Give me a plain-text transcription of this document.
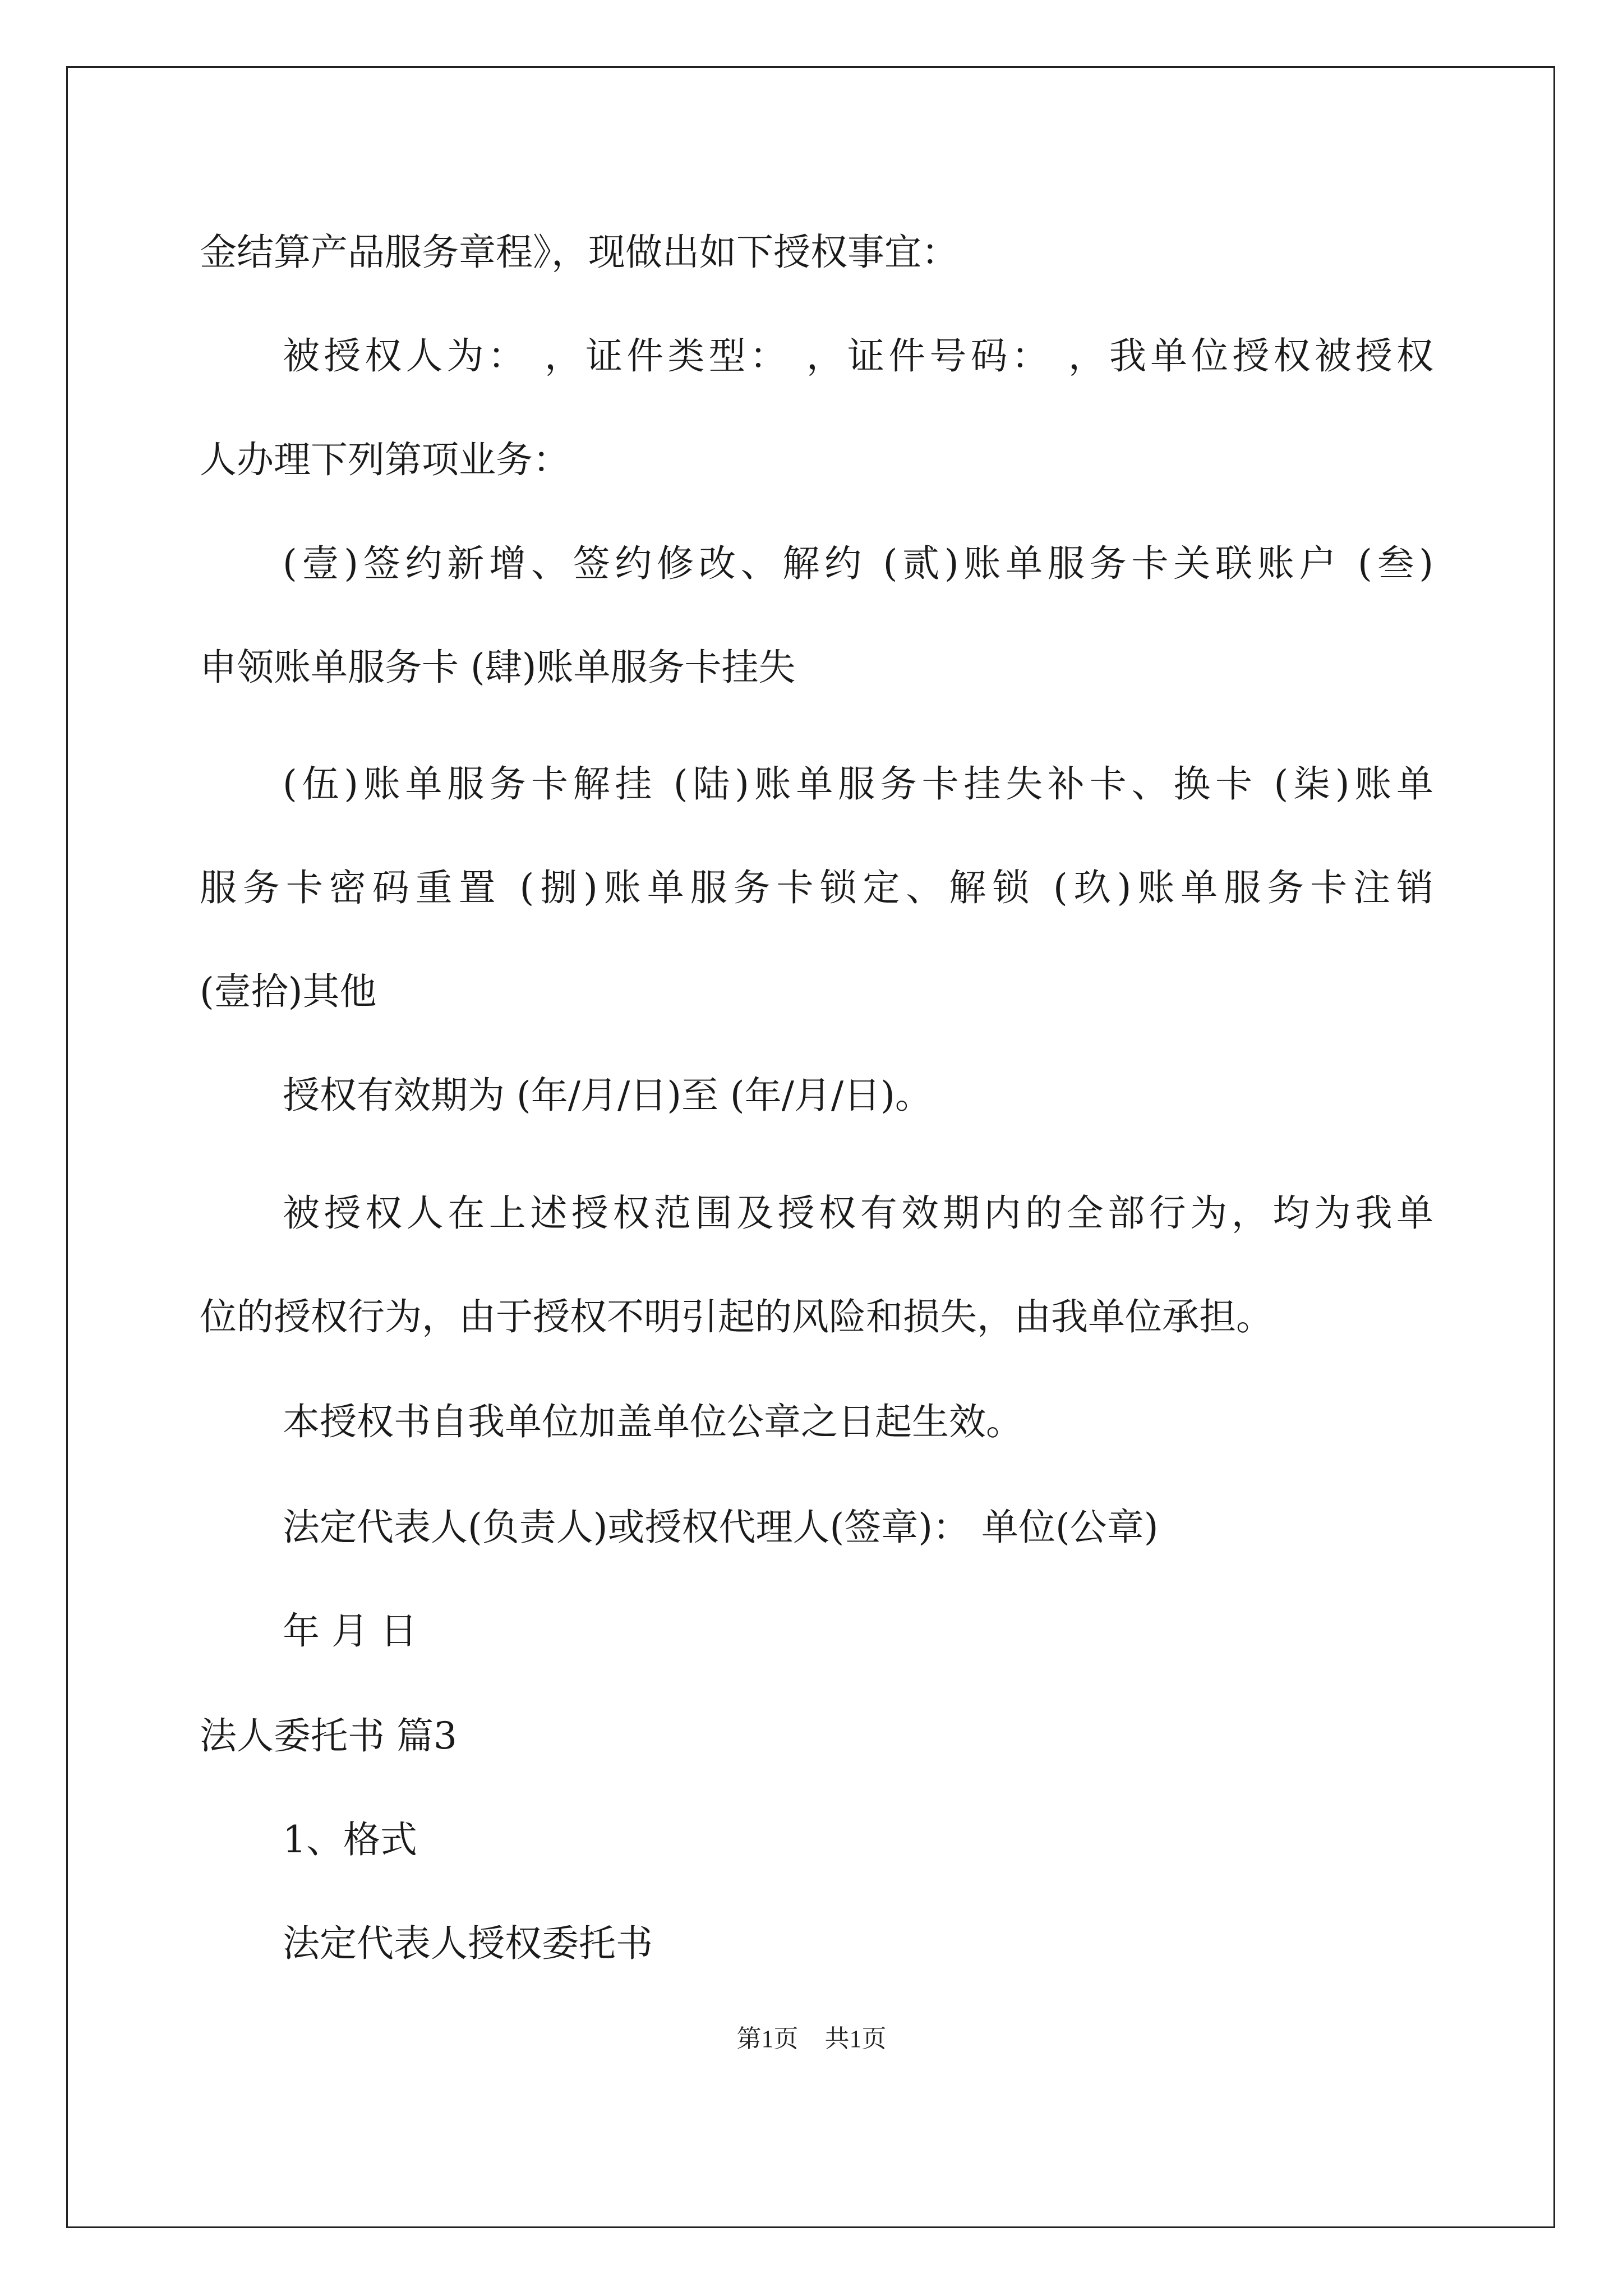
金结算产品服务章程》，现做出如下授权事宜：
被授权人为： ，证件类型： ，证件号码： ，我单位授权被授权
人办理下列第项业务：
(壹)签约新增、签约修改、解约 (贰)账单服务卡关联账户 (叁)
申领账单服务卡 (肆)账单服务卡挂失
(伍)账单服务卡解挂 (陆)账单服务卡挂失补卡、换卡 (柒)账单
服务卡密码重置 (捌)账单服务卡锁定、解锁 (玖)账单服务卡注销
(壹拾)其他
授权有效期为 (年/月/日)至 (年/月/日)。
被授权人在上述授权范围及授权有效期内的全部行为，均为我单
位的授权行为，由于授权不明引起的风险和损失，由我单位承担。
本授权书自我单位加盖单位公章之日起生效。
法定代表人(负责人)或授权代理人(签章)： 单位(公章)
年 月 日
法人委托书 篇3
1、格式
法定代表人授权委托书
第1页 共1页
